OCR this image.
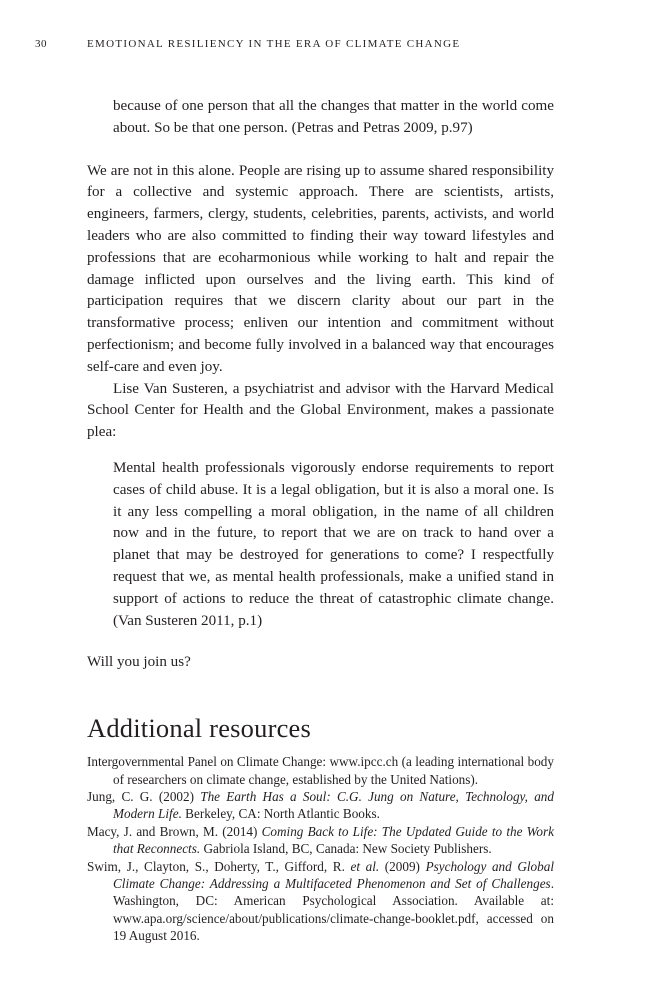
30	EMOTIONAL RESILIENCY IN THE ERA OF CLIMATE CHANGE
because of one person that all the changes that matter in the world come about. So be that one person. (Petras and Petras 2009, p.97)

We are not in this alone. People are rising up to assume shared responsibility for a collective and systemic approach. There are scientists, artists, engineers, farmers, clergy, students, celebrities, parents, activists, and world leaders who are also committed to finding their way toward lifestyles and professions that are ecoharmonious while working to halt and repair the damage inflicted upon ourselves and the living earth. This kind of participation requires that we discern clarity about our part in the transformative process; enliven our intention and commitment without perfectionism; and become fully involved in a balanced way that encourages self-care and even joy.

Lise Van Susteren, a psychiatrist and advisor with the Harvard Medical School Center for Health and the Global Environment, makes a passionate plea:

Mental health professionals vigorously endorse requirements to report cases of child abuse. It is a legal obligation, but it is also a moral one. Is it any less compelling a moral obligation, in the name of all children now and in the future, to report that we are on track to hand over a planet that may be destroyed for generations to come? I respectfully request that we, as mental health professionals, make a unified stand in support of actions to reduce the threat of catastrophic climate change. (Van Susteren 2011, p.1)

Will you join us?

Additional resources

Intergovernmental Panel on Climate Change: www.ipcc.ch (a leading international body of researchers on climate change, established by the United Nations).

Jung, C. G. (2002) The Earth Has a Soul: C.G. Jung on Nature, Technology, and Modern Life. Berkeley, CA: North Atlantic Books.

Macy, J. and Brown, M. (2014) Coming Back to Life: The Updated Guide to the Work that Reconnects. Gabriola Island, BC, Canada: New Society Publishers.

Swim, J., Clayton, S., Doherty, T., Gifford, R. et al. (2009) Psychology and Global Climate Change: Addressing a Multifaceted Phenomenon and Set of Challenges. Washington, DC: American Psychological Association. Available at: www.apa.org/science/about/publications/climate-change-booklet.pdf, accessed on 19 August 2016.
